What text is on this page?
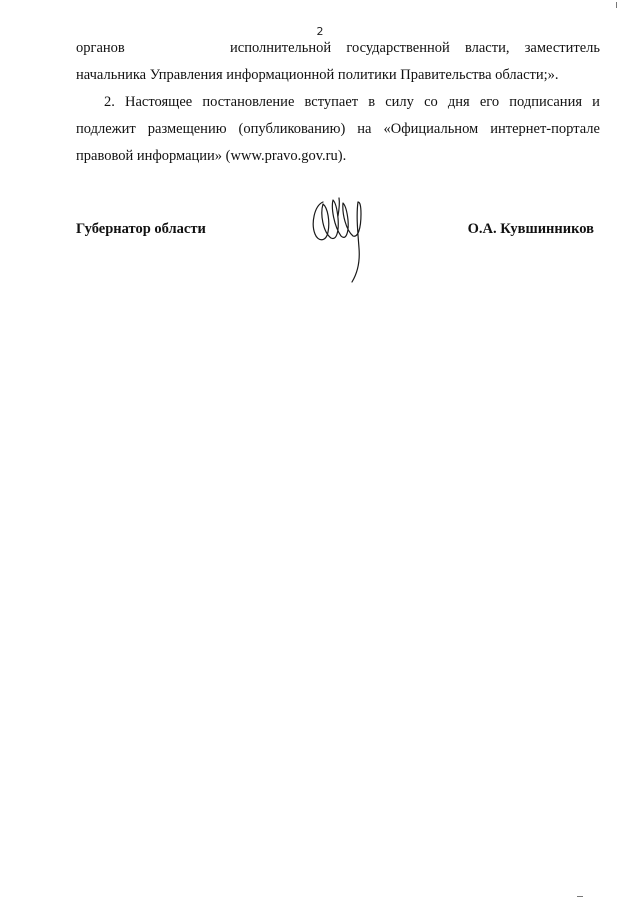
2
органов	исполнительной государственной власти, заместитель
начальника Управления информационной политики Правительства области;».
2. Настоящее постановление вступает в силу со дня его подписания и
подлежит размещению (опубликованию) на «Официальном интернет-портале
правовой информации» (www.pravo.gov.ru).
Губернатор области	О.А. Кувшинников
